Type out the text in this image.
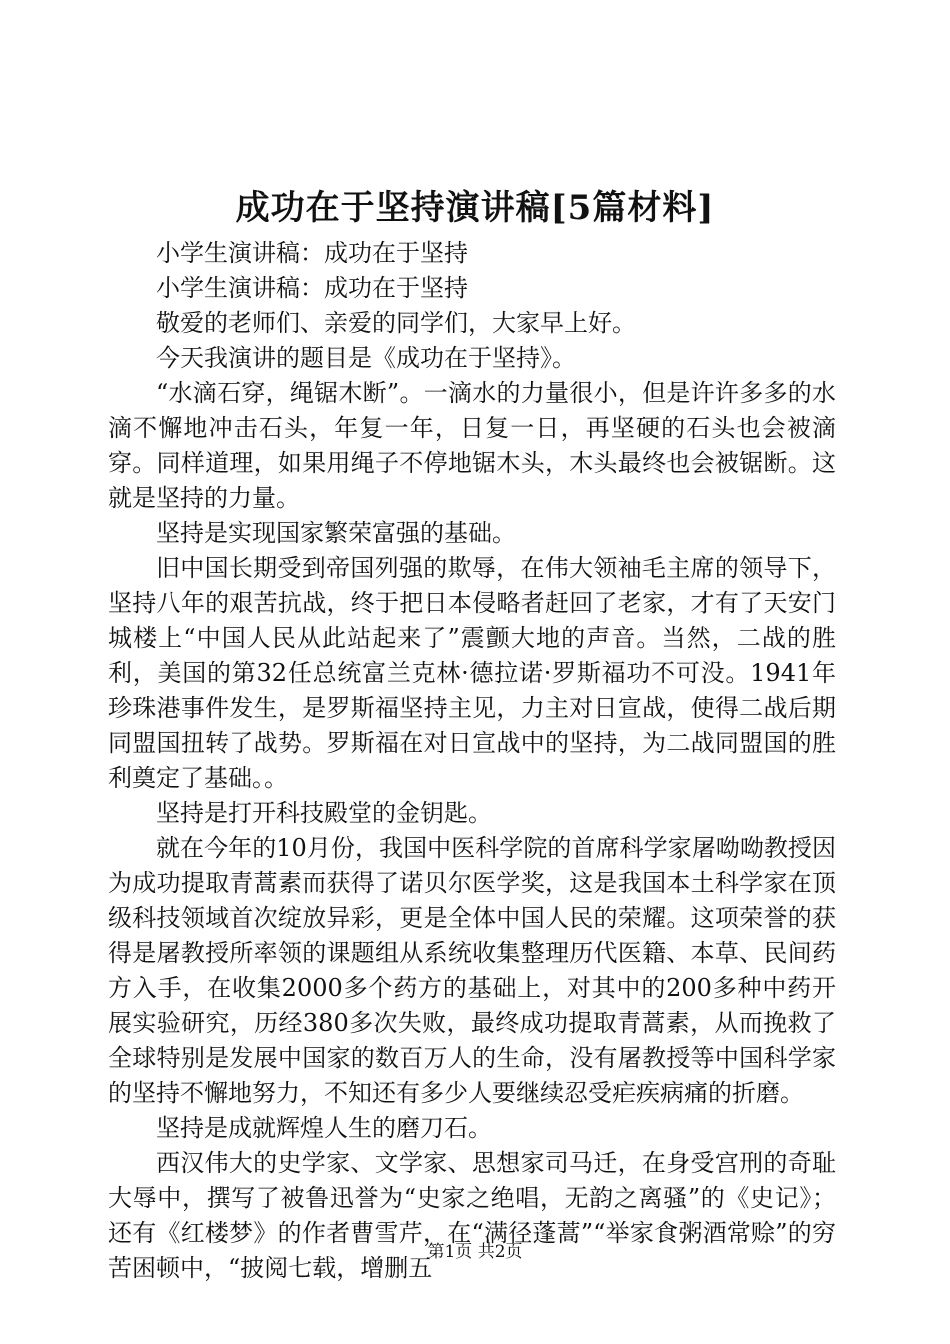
成功在于坚持演讲稿[5篇材料]

小学生演讲稿：成功在于坚持

小学生演讲稿：成功在于坚持

敬爱的老师们、亲爱的同学们，大家早上好。

今天我演讲的题目是《成功在于坚持》。

“水滴石穿，绳锯木断”。一滴水的力量很小，但是许许多多的水滴不懈地冲击石头，年复一年，日复一日，再坚硬的石头也会被滴穿。同样道理，如果用绳子不停地锯木头，木头最终也会被锯断。这就是坚持的力量。

坚持是实现国家繁荣富强的基础。

旧中国长期受到帝国列强的欺辱，在伟大领袖毛主席的领导下，坚持八年的艰苦抗战，终于把日本侵略者赶回了老家，才有了天安门城楼上“中国人民从此站起来了”震颤大地的声音。当然，二战的胜利，美国的第32任总统富兰克林·德拉诺·罗斯福功不可没。1941年珍珠港事件发生，是罗斯福坚持主见，力主对日宣战，使得二战后期同盟国扭转了战势。罗斯福在对日宣战中的坚持，为二战同盟国的胜利奠定了基础。。

坚持是打开科技殿堂的金钥匙。

就在今年的10月份，我国中医科学院的首席科学家屠呦呦教授因为成功提取青蒿素而获得了诺贝尔医学奖，这是我国本土科学家在顶级科技领域首次绽放异彩，更是全体中国人民的荣耀。这项荣誉的获得是屠教授所率领的课题组从系统收集整理历代医籍、本草、民间药方入手，在收集2000多个药方的基础上，对其中的200多种中药开展实验研究，历经380多次失败，最终成功提取青蒿素，从而挽救了全球特别是发展中国家的数百万人的生命，没有屠教授等中国科学家的坚持不懈地努力，不知还有多少人要继续忍受疟疾病痛的折磨。

坚持是成就辉煌人生的磨刀石。

西汉伟大的史学家、文学家、思想家司马迁，在身受宫刑的奇耻大辱中，撰写了被鲁迅誉为“史家之绝唱，无韵之离骚”的《史记》；还有《红楼梦》的作者曹雪芹，在“满径蓬蒿”“举家食粥酒常赊”的穷苦困顿中，“披阅七载，增删五

第1页 共2页
